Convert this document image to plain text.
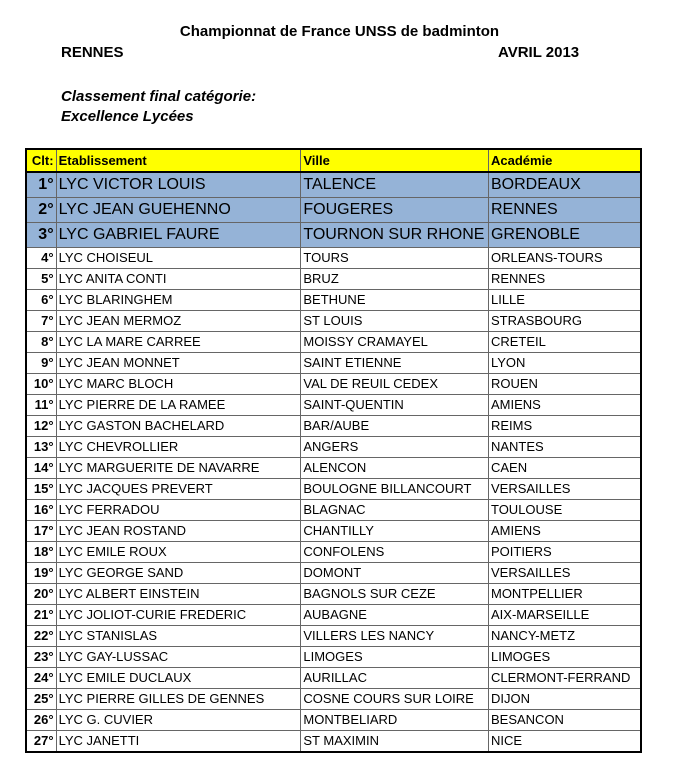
Championnat de France UNSS de badminton
RENNES	AVRIL 2013
Classement final catégorie:
Excellence Lycées
Clt:	Etablissement	Ville	Académie
1°	LYC VICTOR LOUIS	TALENCE	BORDEAUX
2°	LYC JEAN GUEHENNO	FOUGERES	RENNES
3°	LYC GABRIEL FAURE	TOURNON SUR RHONE	GRENOBLE
4°	LYC CHOISEUL	TOURS	ORLEANS-TOURS
5°	LYC ANITA CONTI	BRUZ	RENNES
6°	LYC BLARINGHEM	BETHUNE	LILLE
7°	LYC JEAN MERMOZ	ST LOUIS	STRASBOURG
8°	LYC LA MARE CARREE	MOISSY CRAMAYEL	CRETEIL
9°	LYC JEAN MONNET	SAINT ETIENNE	LYON
10°	LYC MARC BLOCH	VAL DE REUIL CEDEX	ROUEN
11°	LYC PIERRE DE LA RAMEE	SAINT-QUENTIN	AMIENS
12°	LYC GASTON BACHELARD	BAR/AUBE	REIMS
13°	LYC CHEVROLLIER	ANGERS	NANTES
14°	LYC MARGUERITE DE NAVARRE	ALENCON	CAEN
15°	LYC JACQUES PREVERT	BOULOGNE BILLANCOURT	VERSAILLES
16°	LYC FERRADOU	BLAGNAC	TOULOUSE
17°	LYC JEAN ROSTAND	CHANTILLY	AMIENS
18°	LYC EMILE ROUX	CONFOLENS	POITIERS
19°	LYC GEORGE SAND	DOMONT	VERSAILLES
20°	LYC ALBERT EINSTEIN	BAGNOLS SUR CEZE	MONTPELLIER
21°	LYC JOLIOT-CURIE FREDERIC	AUBAGNE	AIX-MARSEILLE
22°	LYC STANISLAS	VILLERS LES NANCY	NANCY-METZ
23°	LYC GAY-LUSSAC	LIMOGES	LIMOGES
24°	LYC EMILE DUCLAUX	AURILLAC	CLERMONT-FERRAND
25°	LYC PIERRE GILLES DE GENNES	COSNE COURS SUR LOIRE	DIJON
26°	LYC G. CUVIER	MONTBELIARD	BESANCON
27°	LYC JANETTI	ST MAXIMIN	NICE
